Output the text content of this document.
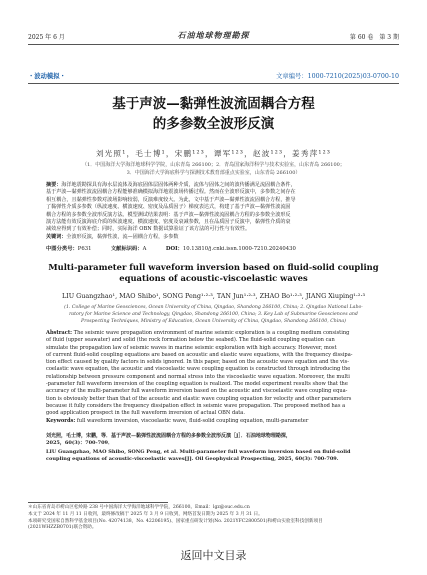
2025 年 6 月	石油地球物理勘探	第 60 卷　第 3 期
・波动模拟・	文章编号：1000-7210(2025)03-0700-10
基于声波—黏弹性波流固耦合方程
的多参数全波形反演
刘光照¹，毛士博¹，宋鹏¹²³，谭军¹²³，赵波¹²³，姜秀萍¹²³
（1．中国海洋大学海洋地球科学学院，山东青岛 266100；2．青岛国家海洋科学与技术实验室，山东青岛 266100；
3．中国海洋大学海底科学与探测技术教育部重点实验室，山东青岛 266100）
摘要：海洋地震勘探具有海水层流体及海底固体层固体两种介质，流体与固体之间的波传播满足流固耦合条件，
基于声波—黏弹性波流固耦合方程能够准确模拟海洋地震波场传播过程。然而在全波形反演中，多参数之间存在
相互耦合，且黏弹性参数对波场影响较弱，反演难度较大。为此，文中基于声波—黏弹性波流固耦合方程，推导
了黏弹性介质多参数（纵波速度、横波速度、密度及品质因子）梯度表达式，构建了基于声波—黏弹性波流固
耦合方程的多参数全波形反演方法。模型测试结果表明：基于声波—黏弹性波流固耦合方程的多参数全波形反
演方法能有效反演海底介质的纵波速度、横波速度、密度及衰减参数，且在品质因子反演中，黏弹性介质的衰
减效应得到了有效补偿；同时，实际海洋 OBN 数据试算验证了该方法的可行性与有效性。
关键词：全波形反演，黏弹性波，流—固耦合方程，多参数
中图分类号：P631	文献标识码：A	DOI：10.13810/j.cnki.issn.1000-7210.20240430
Multi-parameter full waveform inversion based on fluid-solid coupling
equations of acoustic-viscoelastic waves
LIU Guangzhao¹, MAO Shibo¹, SONG Peng¹·²·³, TAN Jun¹·²·³, ZHAO Bo¹·²·³, JIANG Xiuping¹·²·³
(1. College of Marine Geosciences, Ocean University of China, Qingdao, Shandong 266100, China; 2. Qingdao National Labo-
ratory for Marine Science and Technology, Qingdao, Shandong 266100, China; 3. Key Lab of Submarine Geosciences and
Prospecting Techniques, Ministry of Education, Ocean University of China, Qingdao, Shandong 266100, China)
Abstract: The seismic wave propagation environment of marine seismic exploration is a coupling medium consisting
of fluid (upper seawater) and solid (the rock formation below the seabed). The fluid-solid coupling equation can
simulate the propagation law of seismic waves in marine seismic exploration with high accuracy. However, most
of current fluid-solid coupling equations are based on acoustic and elastic wave equations, with the frequency dissipa-
tion effect caused by quality factors in solids ignored. In this paper, based on the acoustic wave equation and the vis-
coelastic wave equation, the acoustic and viscoelastic wave coupling equation is constructed through introducing the
relationship between pressure component and normal stress into the viscoelastic wave equation. Moreover, the multi
-parameter full waveform inversion of the coupling equation is realized. The model experiment results show that the
accuracy of the multi-parameter full waveform inversion based on the acoustic and viscoelastic wave coupling equa-
tion is obviously better than that of the acoustic and elastic wave coupling equation for velocity and other parameters
because it fully considers the frequency dissipation effect in seismic wave propagation. The proposed method has a
good application prospect in the full waveform inversion of actual OBN data.
Keywords: full waveform inversion, viscoelastic wave, fluid-solid coupling equation, multi-parameter
刘光照，毛士博，宋鹏，等．基于声波—黏弹性波流固耦合方程的多参数全波形反演［J］．石油地球物理勘探，
2025，60(3)：700-709．
LIU Guangzhao, MAO Shibo, SONG Peng, et al. Multi-parameter full waveform inversion based on fluid-solid
coupling equations of acoustic-viscoelastic waves[J]. Oil Geophysical Prospecting, 2025, 60(3): 700-709.
＊山东省青岛市崂山区松岭路 238 号中国海洋大学海洋地球科学学院，266100。Email：lgz@ouc.edu.cn
本文于 2024 年 11 月 11 日收到，最终修改稿于 2025 年 3 月 9 日收到，网络首发日期为 2025 年 3 月 31 日。
本项研究受国家自然科学基金项目(No. 42074138，No. 42206195)、国家重点研发计划(No. 2021YFC2800501)和崂山实验室科技创新项目
(2021WHZZB0701)联合资助。
返回中文目录
